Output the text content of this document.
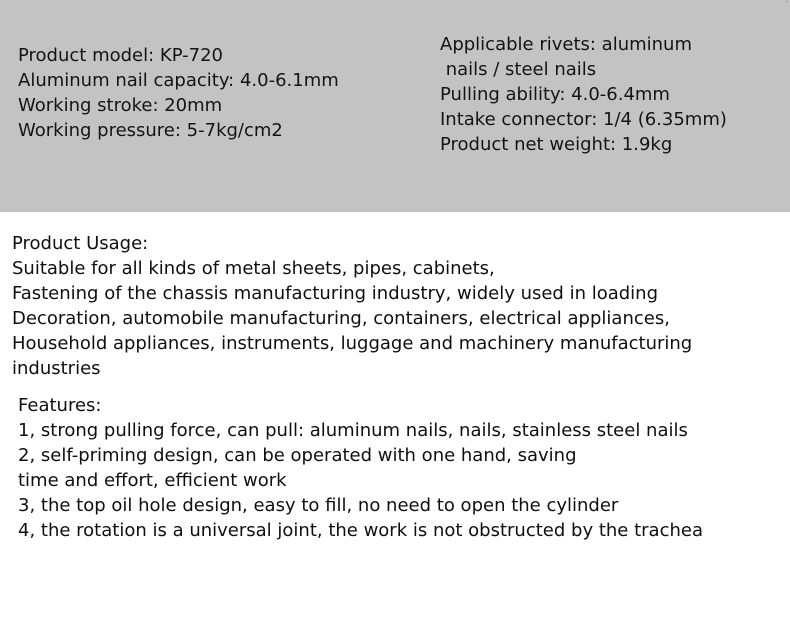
ᐧ
Product model: KP-720
Aluminum nail capacity: 4.0-6.1mm
Working stroke: 20mm
Working pressure: 5-7kg/cm2
Applicable rivets: aluminum
nails / steel nails
Pulling ability: 4.0-6.4mm
Intake connector: 1/4 (6.35mm)
Product net weight: 1.9kg
Product Usage:
Suitable for all kinds of metal sheets, pipes, cabinets,
Fastening of the chassis manufacturing industry, widely used in loading
Decoration, automobile manufacturing, containers, electrical appliances,
Household appliances, instruments, luggage and machinery manufacturing
industries
Features:
1, strong pulling force, can pull: aluminum nails, nails, stainless steel nails
2, self-priming design, can be operated with one hand, saving
time and effort, efficient work
3, the top oil hole design, easy to fill, no need to open the cylinder
4, the rotation is a universal joint, the work is not obstructed by the trachea
